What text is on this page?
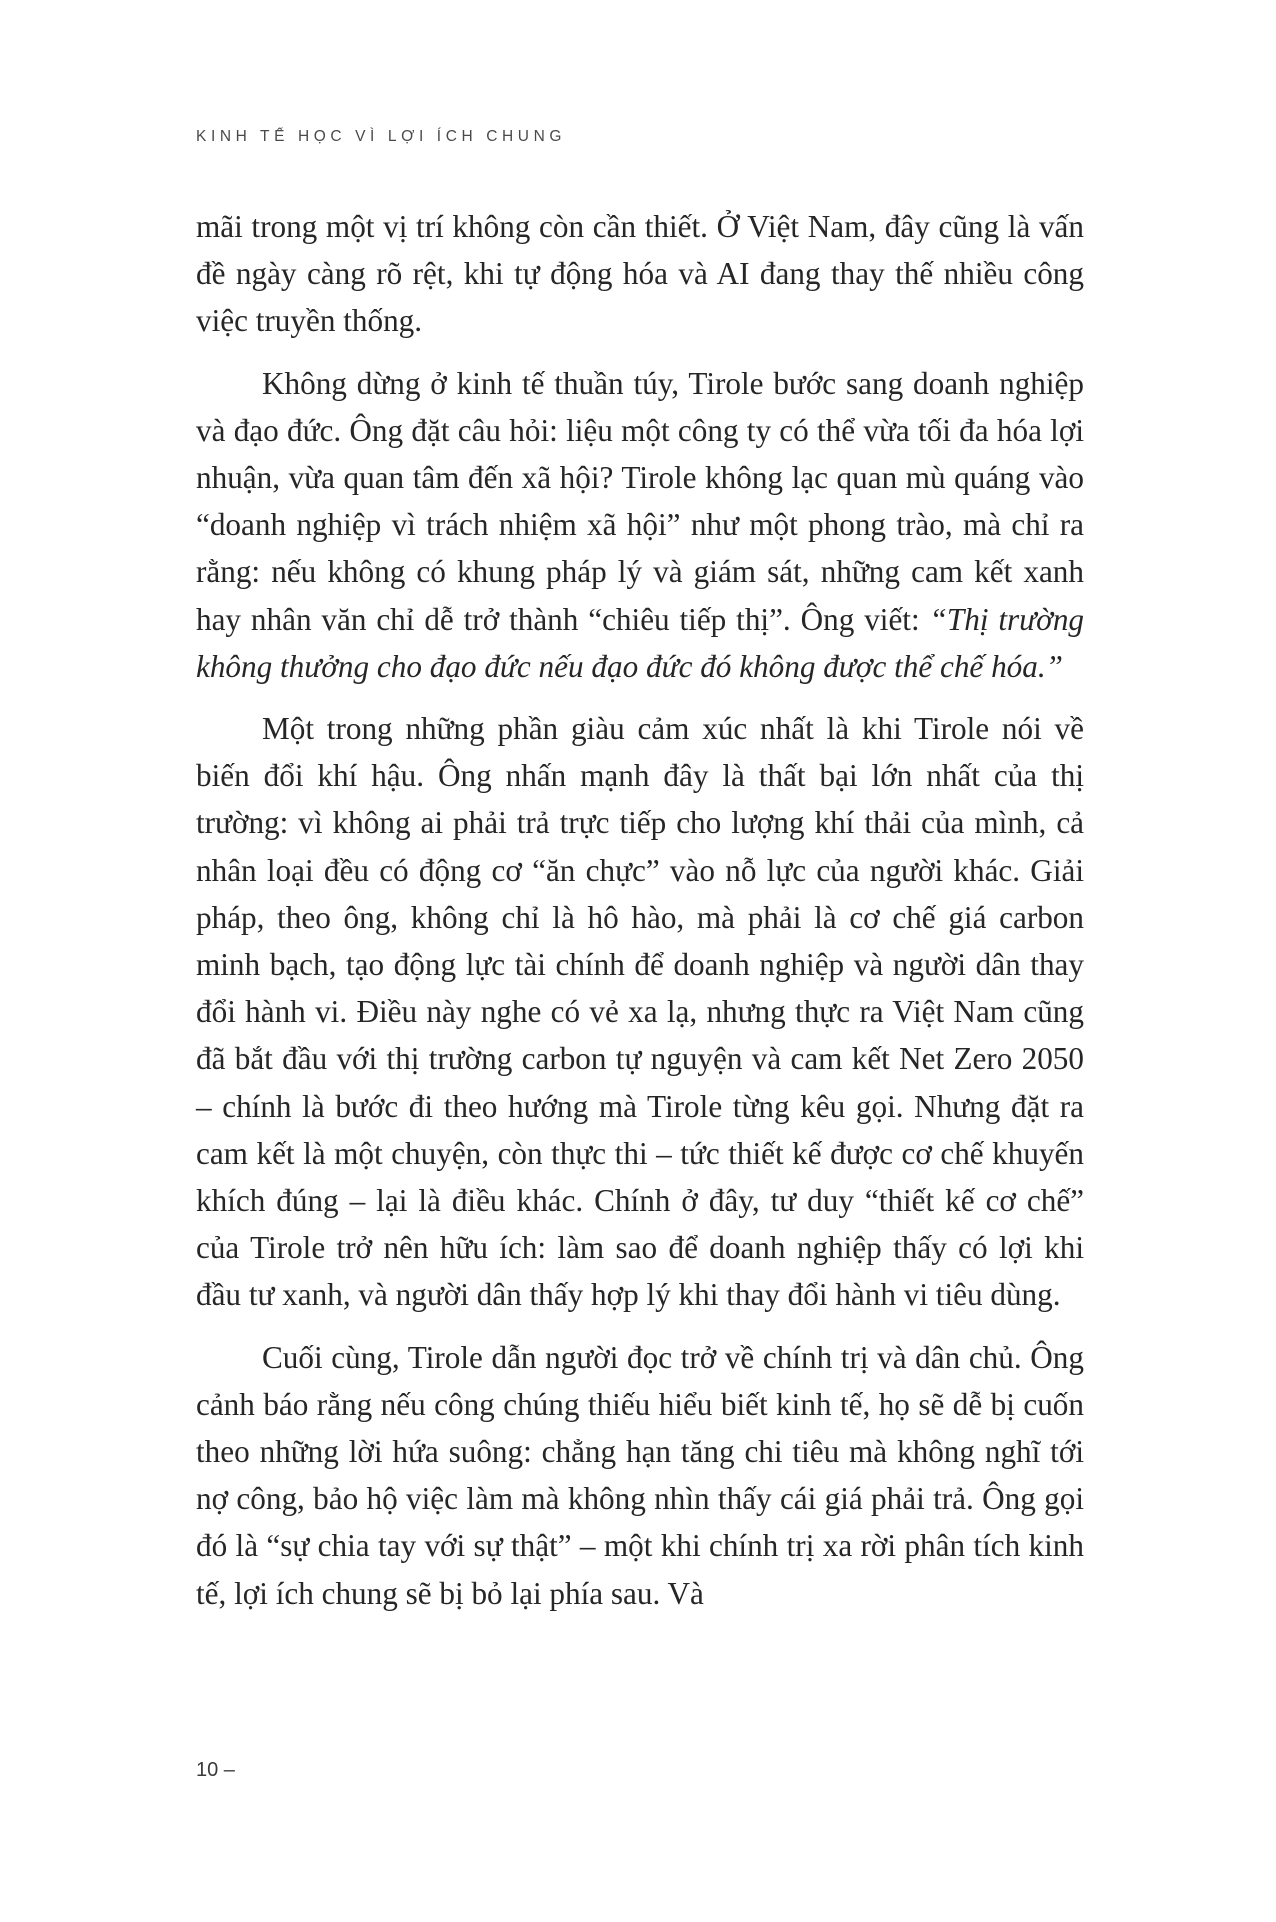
KINH TẾ HỌC VÌ LỢI ÍCH CHUNG

mãi trong một vị trí không còn cần thiết. Ở Việt Nam, đây cũng là vấn đề ngày càng rõ rệt, khi tự động hóa và AI đang thay thế nhiều công việc truyền thống.

Không dừng ở kinh tế thuần túy, Tirole bước sang doanh nghiệp và đạo đức. Ông đặt câu hỏi: liệu một công ty có thể vừa tối đa hóa lợi nhuận, vừa quan tâm đến xã hội? Tirole không lạc quan mù quáng vào “doanh nghiệp vì trách nhiệm xã hội” như một phong trào, mà chỉ ra rằng: nếu không có khung pháp lý và giám sát, những cam kết xanh hay nhân văn chỉ dễ trở thành “chiêu tiếp thị”. Ông viết: “Thị trường không thưởng cho đạo đức nếu đạo đức đó không được thể chế hóa.”

Một trong những phần giàu cảm xúc nhất là khi Tirole nói về biến đổi khí hậu. Ông nhấn mạnh đây là thất bại lớn nhất của thị trường: vì không ai phải trả trực tiếp cho lượng khí thải của mình, cả nhân loại đều có động cơ “ăn chực” vào nỗ lực của người khác. Giải pháp, theo ông, không chỉ là hô hào, mà phải là cơ chế giá carbon minh bạch, tạo động lực tài chính để doanh nghiệp và người dân thay đổi hành vi. Điều này nghe có vẻ xa lạ, nhưng thực ra Việt Nam cũng đã bắt đầu với thị trường carbon tự nguyện và cam kết Net Zero 2050 – chính là bước đi theo hướng mà Tirole từng kêu gọi. Nhưng đặt ra cam kết là một chuyện, còn thực thi – tức thiết kế được cơ chế khuyến khích đúng – lại là điều khác. Chính ở đây, tư duy “thiết kế cơ chế” của Tirole trở nên hữu ích: làm sao để doanh nghiệp thấy có lợi khi đầu tư xanh, và người dân thấy hợp lý khi thay đổi hành vi tiêu dùng.

Cuối cùng, Tirole dẫn người đọc trở về chính trị và dân chủ. Ông cảnh báo rằng nếu công chúng thiếu hiểu biết kinh tế, họ sẽ dễ bị cuốn theo những lời hứa suông: chẳng hạn tăng chi tiêu mà không nghĩ tới nợ công, bảo hộ việc làm mà không nhìn thấy cái giá phải trả. Ông gọi đó là “sự chia tay với sự thật” – một khi chính trị xa rời phân tích kinh tế, lợi ích chung sẽ bị bỏ lại phía sau. Và

10 –
